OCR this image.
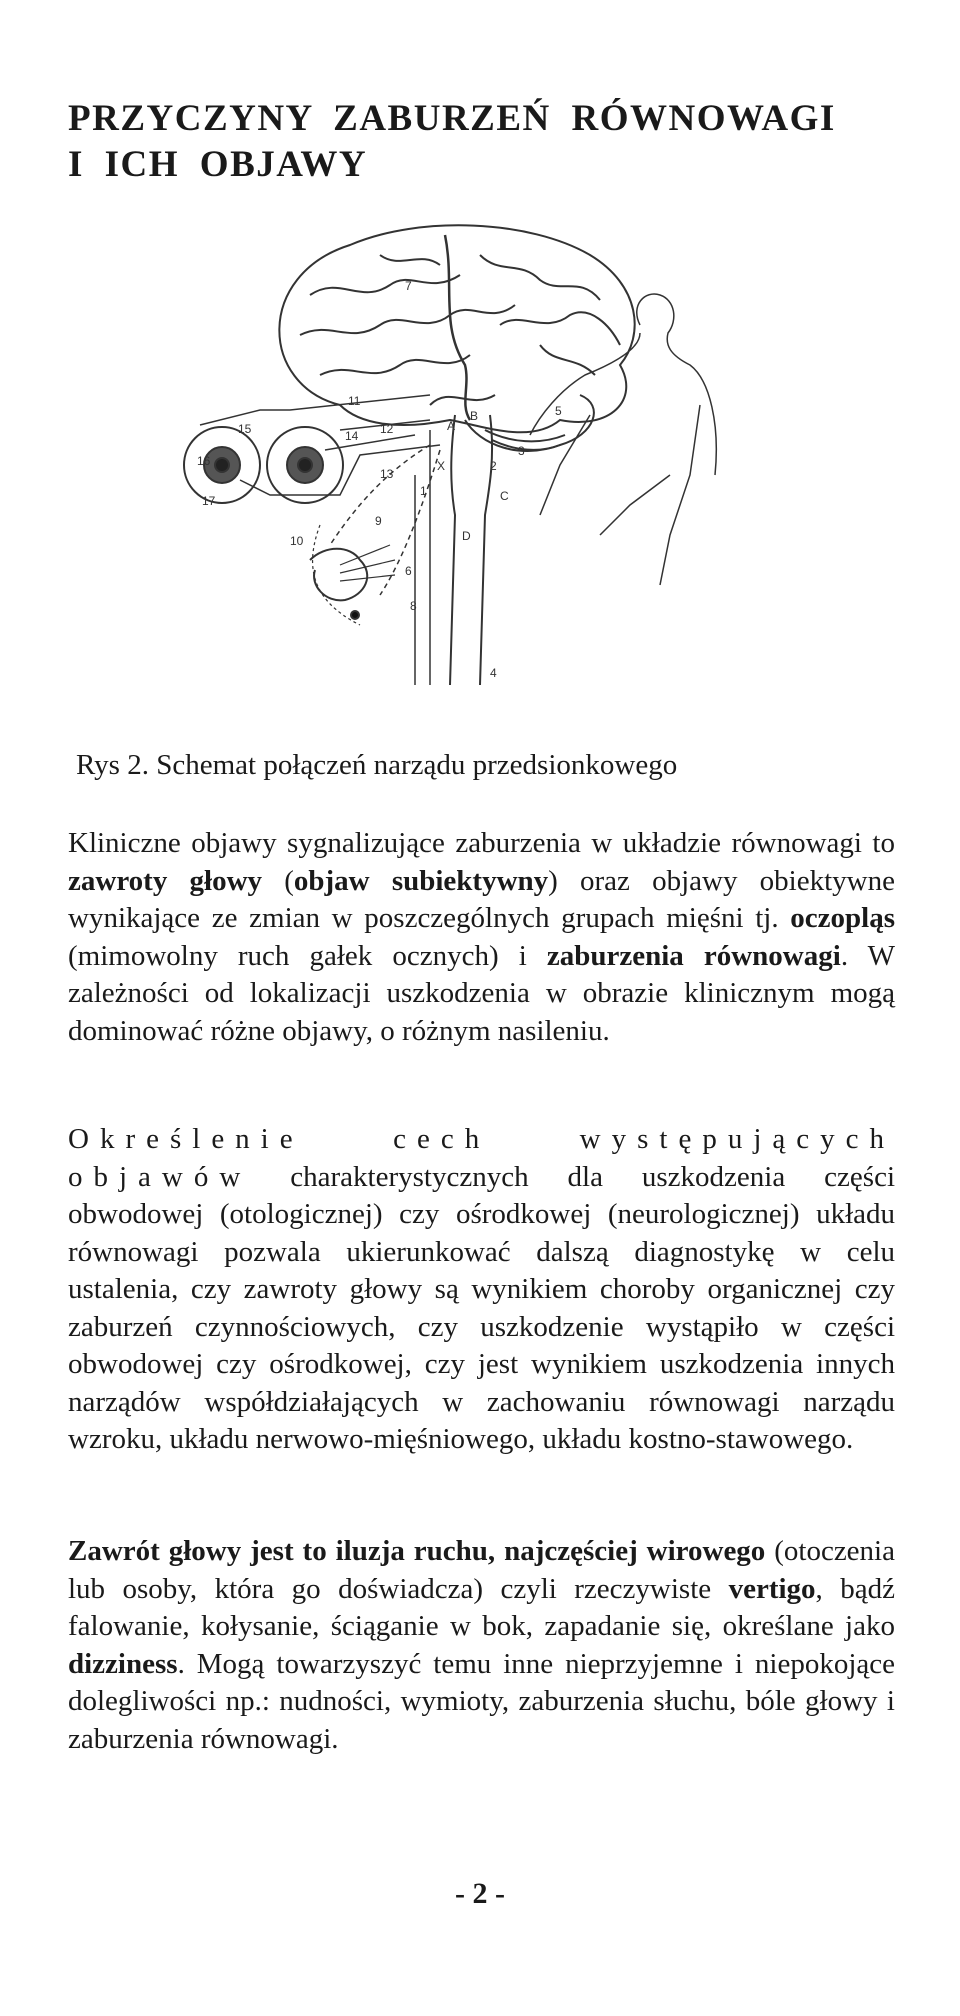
PRZYCZYNY ZABURZEŃ RÓWNOWAGI
I ICH OBJAWY
7
11
15
16
17
14 12
13
A
B
X
C
D
5
3
2
1
9
10
8
6
4

Rys 2. Schemat połączeń narządu przedsionkowego

Kliniczne objawy sygnalizujące zaburzenia w układzie równowagi to zawroty głowy (objaw subiektywny) oraz objawy obiektywne wynikające ze zmian w poszczególnych grupach mięśni tj. oczopląs (mimowolny ruch gałek ocznych) i zaburzenia równowagi. W zależności od lokalizacji uszkodzenia w obrazie klinicznym mogą dominować różne objawy, o różnym nasileniu.

Określenie cech występujących objawów charakterystycznych dla uszkodzenia części obwodowej (otologicznej) czy ośrodkowej (neurologicznej) układu równowagi pozwala ukierunkować dalszą diagnostykę w celu ustalenia, czy zawroty głowy są wynikiem choroby organicznej czy zaburzeń czynnościowych, czy uszkodzenie wystąpiło w części obwodowej czy ośrodkowej, czy jest wynikiem uszkodzenia innych narządów współdziałających w zachowaniu równowagi narządu wzroku, układu nerwowo-mięśniowego, układu kostno-stawowego.

Zawrót głowy jest to iluzja ruchu, najczęściej wirowego (otoczenia lub osoby, która go doświadcza) czyli rzeczywiste vertigo, bądź falowanie, kołysanie, ściąganie w bok, zapadanie się, określane jako dizziness. Mogą towarzyszyć temu inne nieprzyjemne i niepokojące dolegliwości np.: nudności, wymioty, zaburzenia słuchu, bóle głowy i zaburzenia równowagi.

- 2 -
